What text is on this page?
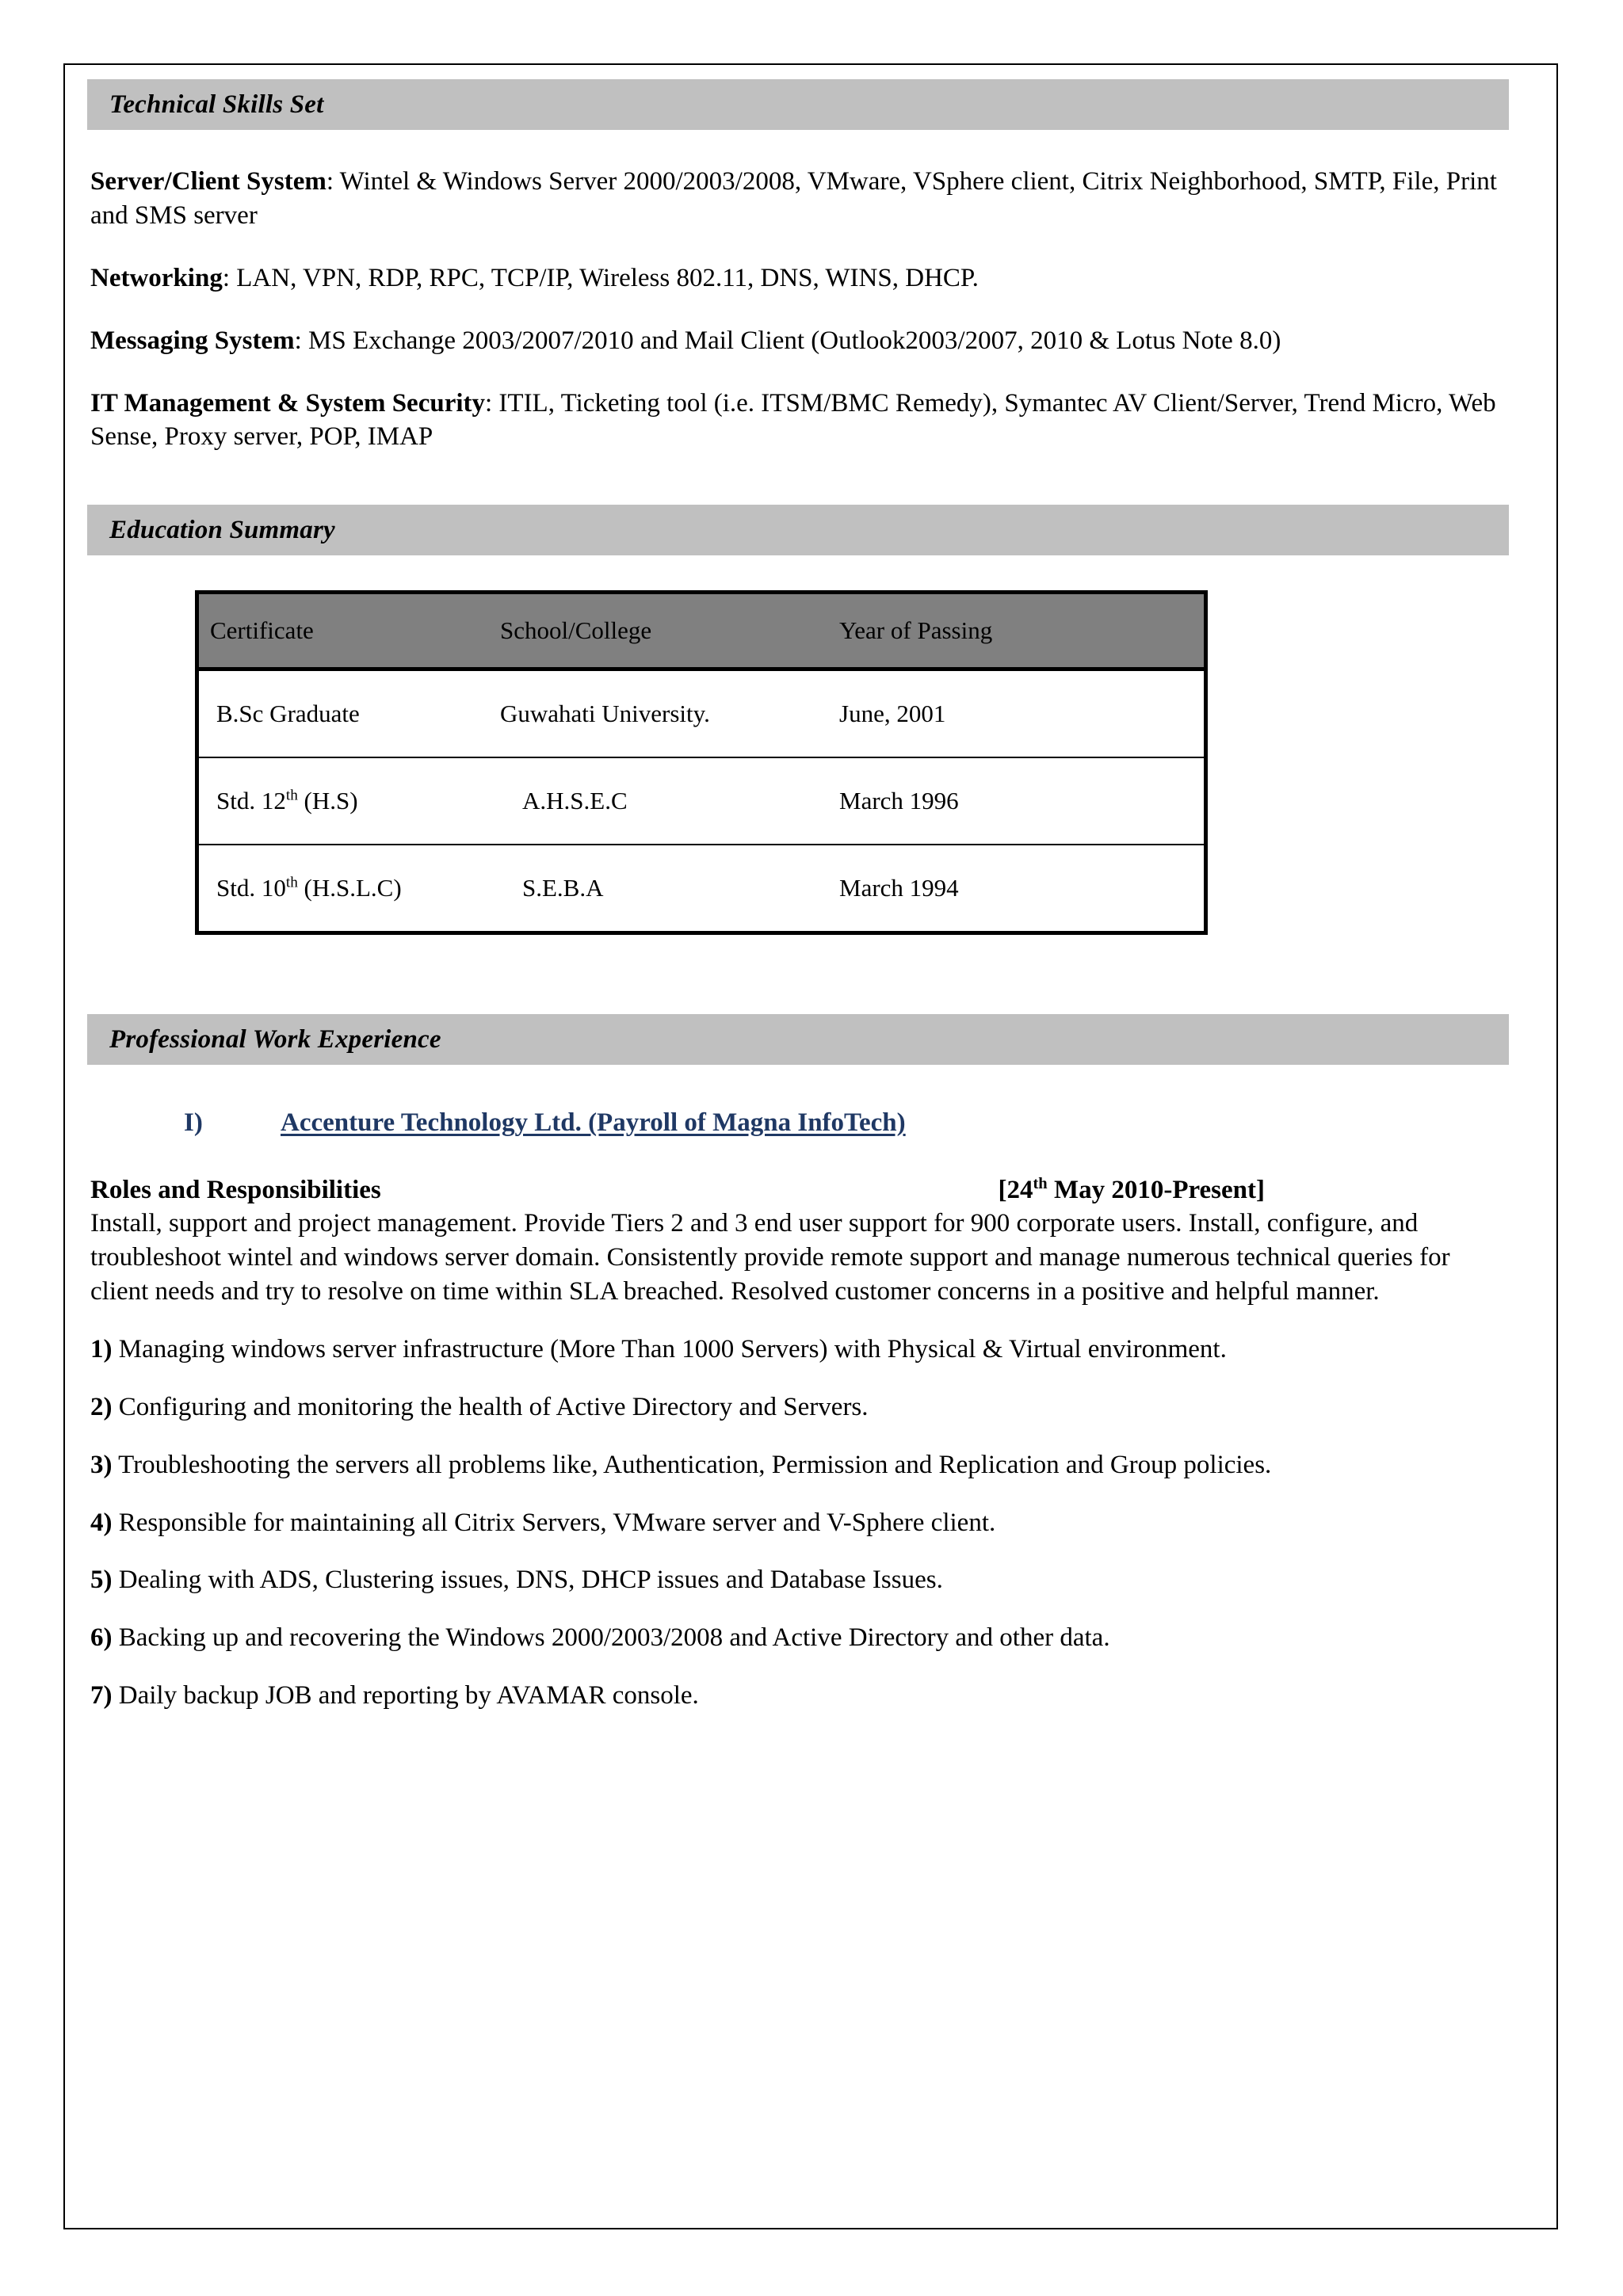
Technical Skills Set

Server/Client System: Wintel & Windows Server 2000/2003/2008, VMware, VSphere client, Citrix Neighborhood, SMTP, File, Print and SMS server

Networking: LAN, VPN, RDP, RPC, TCP/IP, Wireless 802.11, DNS, WINS, DHCP.

Messaging System: MS Exchange 2003/2007/2010 and Mail Client (Outlook2003/2007, 2010 & Lotus Note 8.0)

IT Management & System Security: ITIL, Ticketing tool (i.e. ITSM/BMC Remedy), Symantec AV Client/Server, Trend Micro, Web Sense, Proxy server, POP, IMAP

Education Summary
Certificate	School/College	Year of Passing
B.Sc Graduate	Guwahati University.	June, 2001
Std. 12th (H.S)	A.H.S.E.C	March 1996
Std. 10th (H.S.L.C)	S.E.B.A	March 1994
Professional Work Experience
I)	Accenture Technology Ltd. (Payroll of Magna InfoTech)
Roles and Responsibilities	[24th May 2010-Present]

Install, support and project management. Provide Tiers 2 and 3 end user support for 900 corporate users. Install, configure, and troubleshoot wintel and windows server domain. Consistently provide remote support and manage numerous technical queries for client needs and try to resolve on time within SLA breached. Resolved customer concerns in a positive and helpful manner.

1) Managing windows server infrastructure (More Than 1000 Servers) with Physical & Virtual environment.

2) Configuring and monitoring the health of Active Directory and Servers.

3) Troubleshooting the servers all problems like, Authentication, Permission and Replication and Group policies.

4) Responsible for maintaining all Citrix Servers, VMware server and V-Sphere client.

5) Dealing with ADS, Clustering issues, DNS, DHCP issues and Database Issues.

6) Backing up and recovering the Windows 2000/2003/2008 and Active Directory and other data.

7) Daily backup JOB and reporting by AVAMAR console.
